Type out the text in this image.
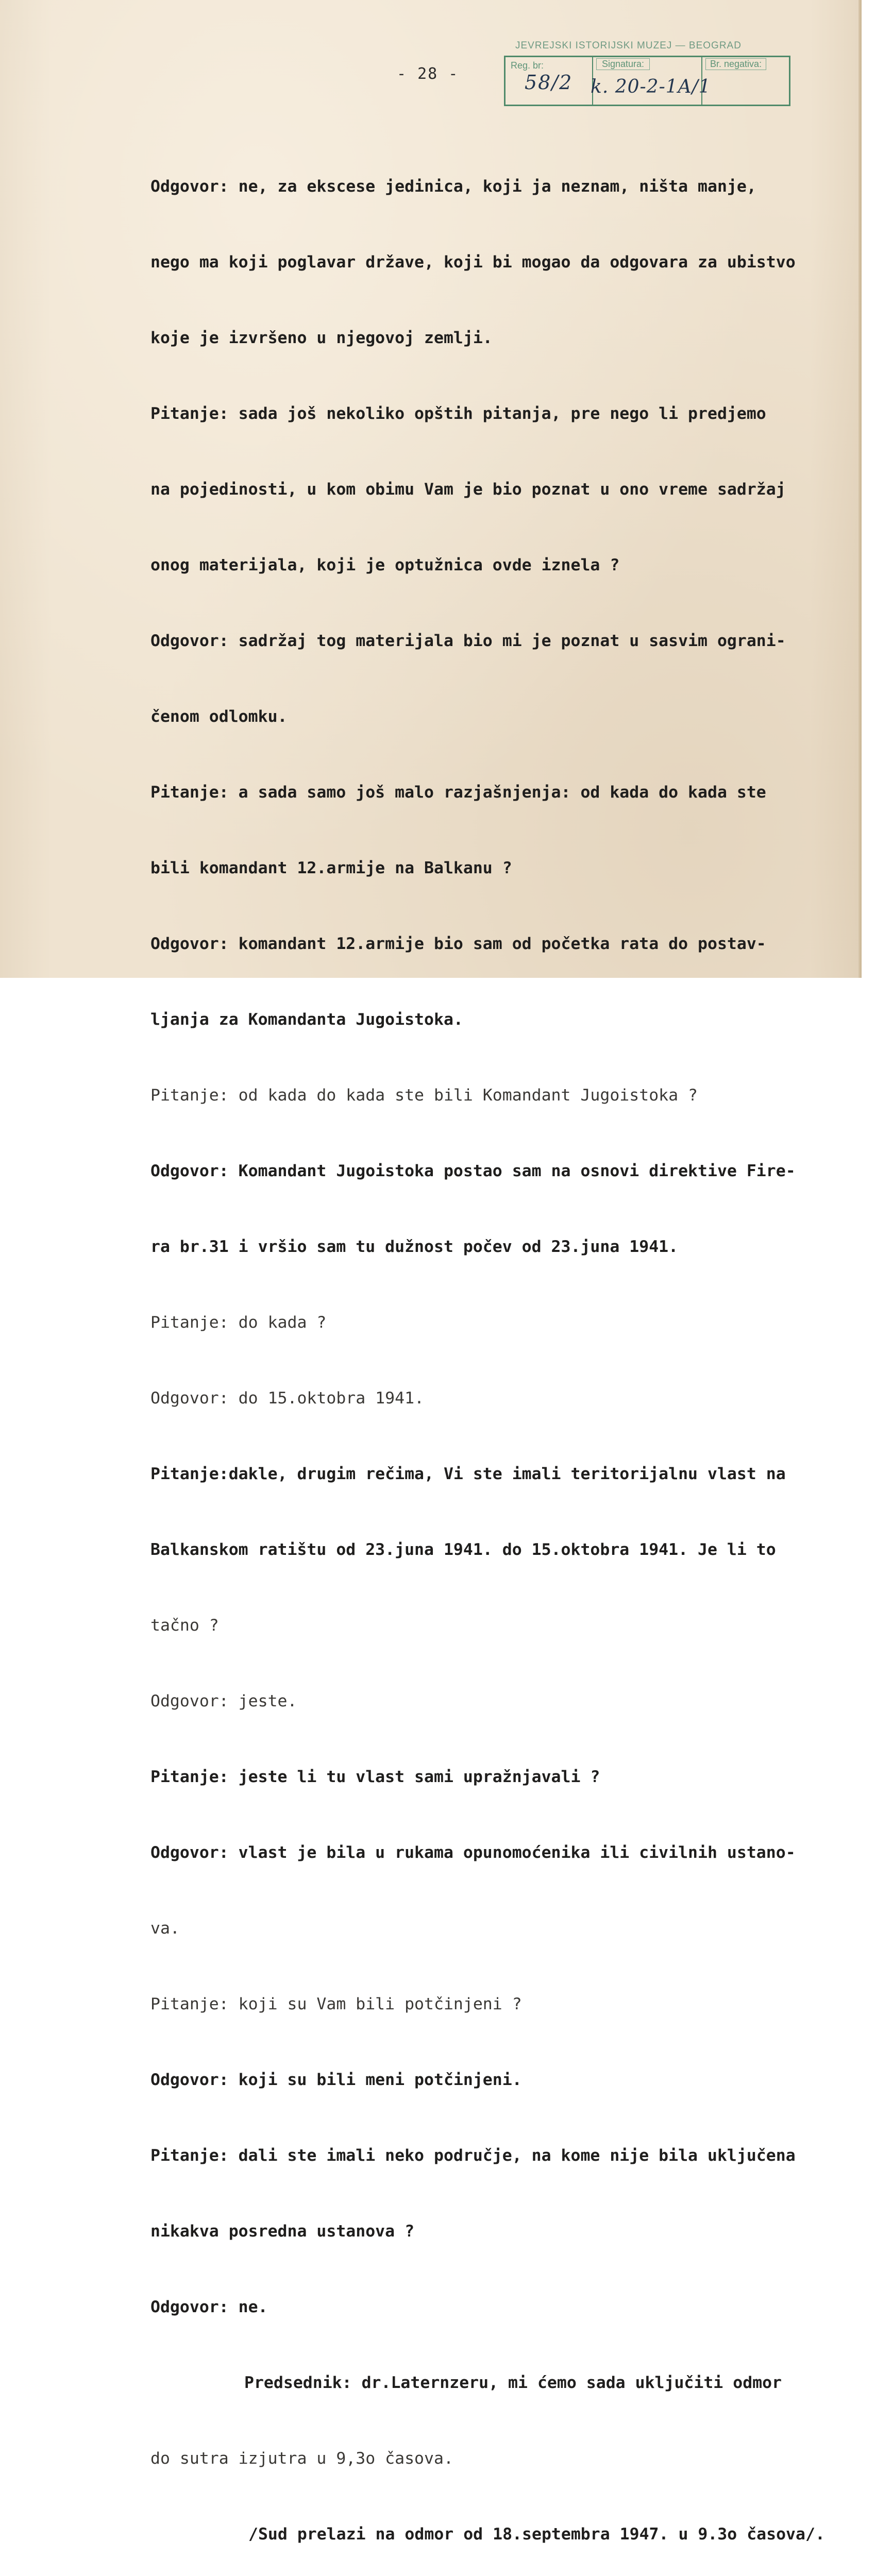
- 28 -
JEVREJSKI ISTORIJSKI MUZEJ — BEOGRAD
Reg. br:	Signatura:	Br. negativa:
58/2 k. 20-2-1A/1

Odgovor: ne, za ekscese jedinica, koji ja neznam, ništa manje,

nego ma koji poglavar države, koji bi mogao da odgovara za ubistvo

koje je izvršeno u njegovoj zemlji.

Pitanje: sada još nekoliko opštih pitanja, pre nego li predjemo

na pojedinosti, u kom obimu Vam je bio poznat u ono vreme sadržaj

onog materijala, koji je optužnica ovde iznela ?

Odgovor: sadržaj tog materijala bio mi je poznat u sasvim ograni-

čenom odlomku.

Pitanje: a sada samo još malo razjašnjenja: od kada do kada ste

bili komandant 12.armije na Balkanu ?

Odgovor: komandant 12.armije bio sam od početka rata do postav-

ljanja za Komandanta Jugoistoka.

Pitanje: od kada do kada ste bili Komandant Jugoistoka ?

Odgovor: Komandant Jugoistoka postao sam na osnovi direktive Fire-

ra br.31 i vršio sam tu dužnost počev od 23.juna 1941.

Pitanje: do kada ?

Odgovor: do 15.oktobra 1941.

Pitanje:dakle, drugim rečima, Vi ste imali teritorijalnu vlast na

Balkanskom ratištu od 23.juna 1941. do 15.oktobra 1941. Je li to

tačno ?

Odgovor: jeste.

Pitanje: jeste li tu vlast sami upražnjavali ?

Odgovor: vlast je bila u rukama opunomoćenika ili civilnih ustano-

va.

Pitanje: koji su Vam bili potčinjeni ?

Odgovor: koji su bili meni potčinjeni.

Pitanje: dali ste imali neko područje, na kome nije bila uključena

nikakva posredna ustanova ?

Odgovor: ne.

Predsednik: dr.Laternzeru, mi ćemo sada uključiti odmor

do sutra izjutra u 9,3o časova.

/Sud prelazi na odmor od 18.septembra 1947. u 9.3o časova/.
